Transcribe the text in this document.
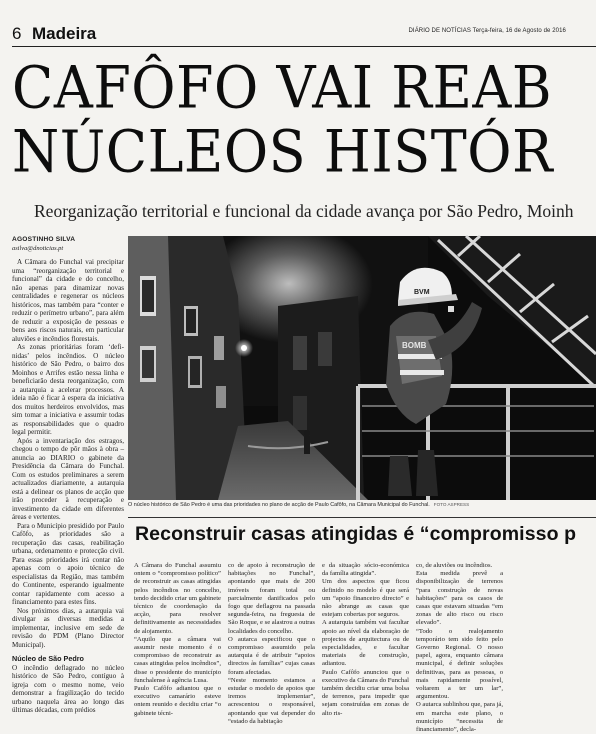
6 Madeira	DIÁRIO DE NOTÍCIAS Terça-feira, 16 de Agosto de 2016
CAFÔFO VAI REAB
NÚCLEOS HISTÓR
Reorganização territorial e funcional da cidade avança por São Pedro, Moinh
AGOSTINHO SILVA
asilva@dnoticias.pt

A Câmara do Funchal vai precipitar uma “reorganização territorial e funcional” da cidade e do concelho, não apenas para dinamizar novas centralidades e regenerar os núcleos históricos, mas também para “conter e reduzir o perímetro urbano”, para além de reduzir a exposição de pessoas e bens aos riscos naturais, em particular aluviões e incêndios florestais.

As zonas prioritárias foram ‘defi-nidas’ pelos incêndios. O núcleo histórico de São Pedro, o bairro dos Moinhos e Arrifes estão nessa linha e beneficiarão desta reorganização, com a autarquia a acelerar processos. A ideia não é ficar à espera da iniciativa dos muitos herdeiros envolvidos, mas sim tomar a iniciativa e assumir todas as responsabilidades que o quadro legal permitir.

Após a inventariação dos estragos, chegou o tempo de pôr mãos à obra – anuncia ao DIARIO o gabinete da Presidência da Câmara do Funchal. Com os estudos preliminares a serem actualizados diariamente, a autarquia está a delinear os planos de acção que irão proceder à recuperação e investimento da cidade em diferentes áreas e vertentes.

Para o Município presidido por Paulo Cafôfo, as prioridades são a recuperação das casas, reabilitação urbana, ordenamento e protecção civil. Para essas prioridades irá contar não apenas com o apoio técnico de especialistas da Região, mas também do Continente, esperando igualmente contar rapidamente com acesso a financiamento para estes fins.

Nos próximos dias, a autarquia vai divulgar as diversas medidas a implementar, inclusive em sede de revisão do PDM (Plano Director Municipal).

Núcleo de São Pedro

O incêndio deflagrado no núcleo histórico de São Pedro, contíguo à igreja com o mesmo nome, veio demonstrar a fragilização do tecido urbano naquela área ao longo das últimas décadas, com prédios

BVM
BOMB
O núcleo histórico de São Pedro é uma das prioridades no plano de acção de Paulo Cafôfo, na Câmara Municipal do Funchal. FOTO ASPRESS
Reconstruir casas atingidas é “compromisso p
A Câmara do Funchal assumiu ontem o “compromisso político” de reconstruir as casas atingidas pelos incêndios no concelho, tendo decidido criar um gabinete técnico de coordenação da acção, para resolver definitivamente as necessidades de alojamento.
“Aquilo que a câmara vai assumir neste momento é o compromisso de reconstruir as casas atingidas pelos incêndios”, disse o presidente do município funchalense à agência Lusa.
Paulo Cafôfo adiantou que o executivo camarário esteve ontem reunido e decidiu criar “o gabinete técni-
co de apoio à reconstrução de habitações no Funchal”, apontando que mais de 200 imóveis foram total ou parcialmente danificados pelo fogo que deflagrou na passada segunda-feira, na freguesia de São Roque, e se alastrou a outras localidades do concelho.
O autarca especificou que o compromisso assumido pela autarquia é de atribuir “apoios directos às famílias” cujas casas foram afectadas.
“Neste momento estamos a estudar o modelo de apoios que iremos implementar”, acrescentou o responsável, apontando que vai depender do “estado da habitação
e da situação sócio-económica da família atingida”.
Um dos aspectos que ficou definido no modelo é que será um “apoio financeiro directo” e não abrange as casas que estejam cobertas por seguros.
A autarquia também vai facultar apoio ao nível da elaboração de projectos de arquitectura ou de especialidades, e facultar materiais de construção, adiantou.
Paulo Cafôfo anunciou que o executivo da Câmara do Funchal também decidiu criar uma bolsa de terrenos, para impedir que sejam construídas em zonas de alto ris-
co, de aluviões ou incêndios.
Esta medida prevê a disponibilização de terrenos “para construção de novas habitações” para os casos de casas que estavam situadas “em zonas de alto risco ou risco elevado”.
“Todo o realojamento temporário tem sido feito pelo Governo Regional. O nosso papel, agora, enquanto câmara municipal, é definir soluções definitivas, para as pessoas, o mais rapidamente possível, voltarem a ter um lar”, argumentou.
O autarca sublinhou que, para já, em marcha este plano, o município “necessita de financiamento”, decla-
